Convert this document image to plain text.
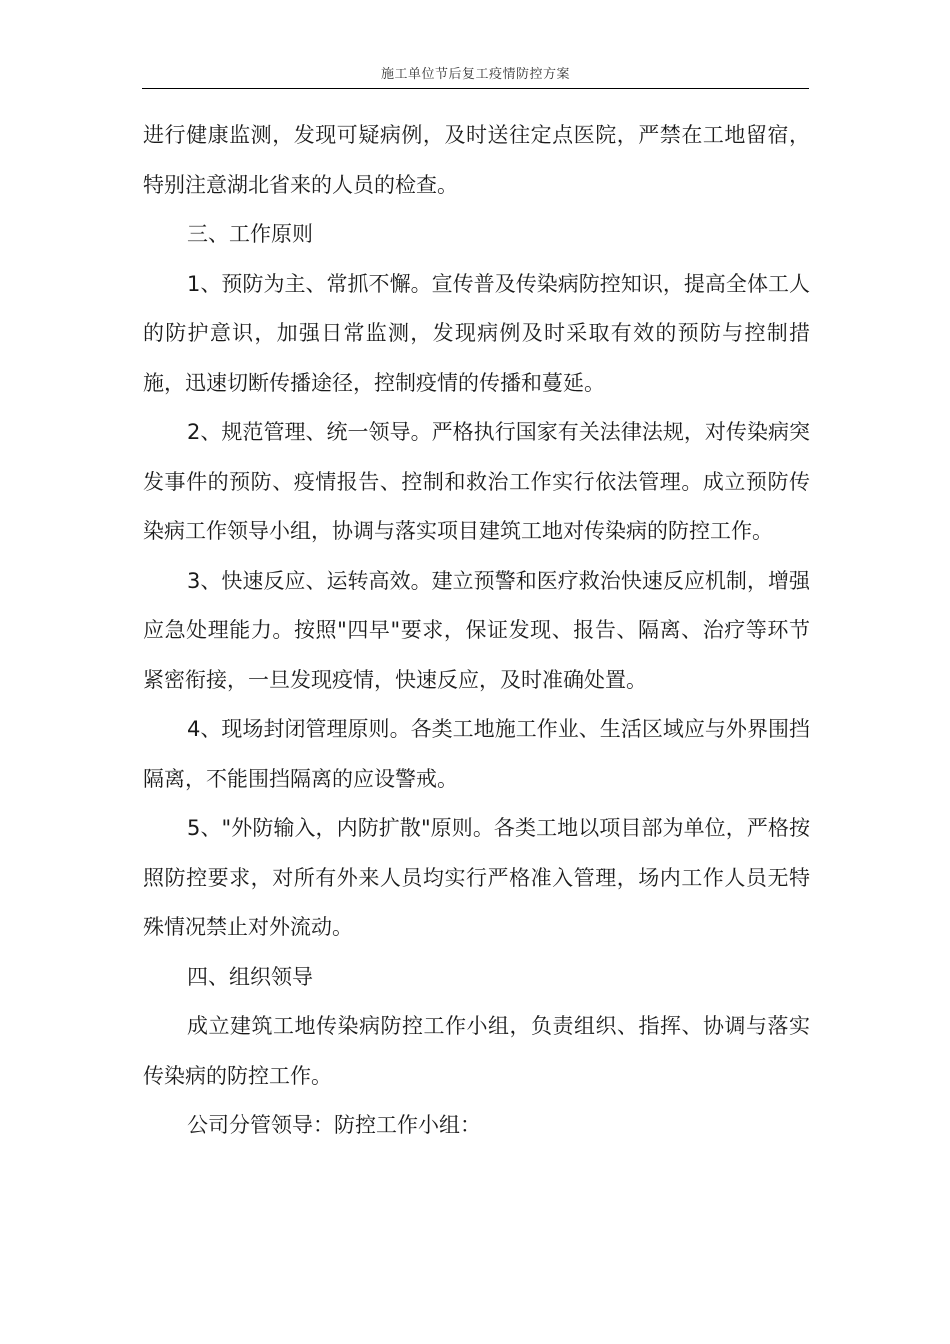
施工单位节后复工疫情防控方案

进行健康监测，发现可疑病例，及时送往定点医院，严禁在工地留宿，特别注意湖北省来的人员的检查。

三、工作原则

1、预防为主、常抓不懈。宣传普及传染病防控知识，提高全体工人的防护意识，加强日常监测，发现病例及时采取有效的预防与控制措施，迅速切断传播途径，控制疫情的传播和蔓延。

2、规范管理、统一领导。严格执行国家有关法律法规，对传染病突发事件的预防、疫情报告、控制和救治工作实行依法管理。成立预防传染病工作领导小组，协调与落实项目建筑工地对传染病的防控工作。

3、快速反应、运转高效。建立预警和医疗救治快速反应机制，增强应急处理能力。按照"四早"要求，保证发现、报告、隔离、治疗等环节紧密衔接，一旦发现疫情，快速反应，及时准确处置。

4、现场封闭管理原则。各类工地施工作业、生活区域应与外界围挡隔离，不能围挡隔离的应设警戒。

5、"外防输入，内防扩散"原则。各类工地以项目部为单位，严格按照防控要求，对所有外来人员均实行严格准入管理，场内工作人员无特殊情况禁止对外流动。

四、组织领导

成立建筑工地传染病防控工作小组，负责组织、指挥、协调与落实传染病的防控工作。

公司分管领导：防控工作小组：
